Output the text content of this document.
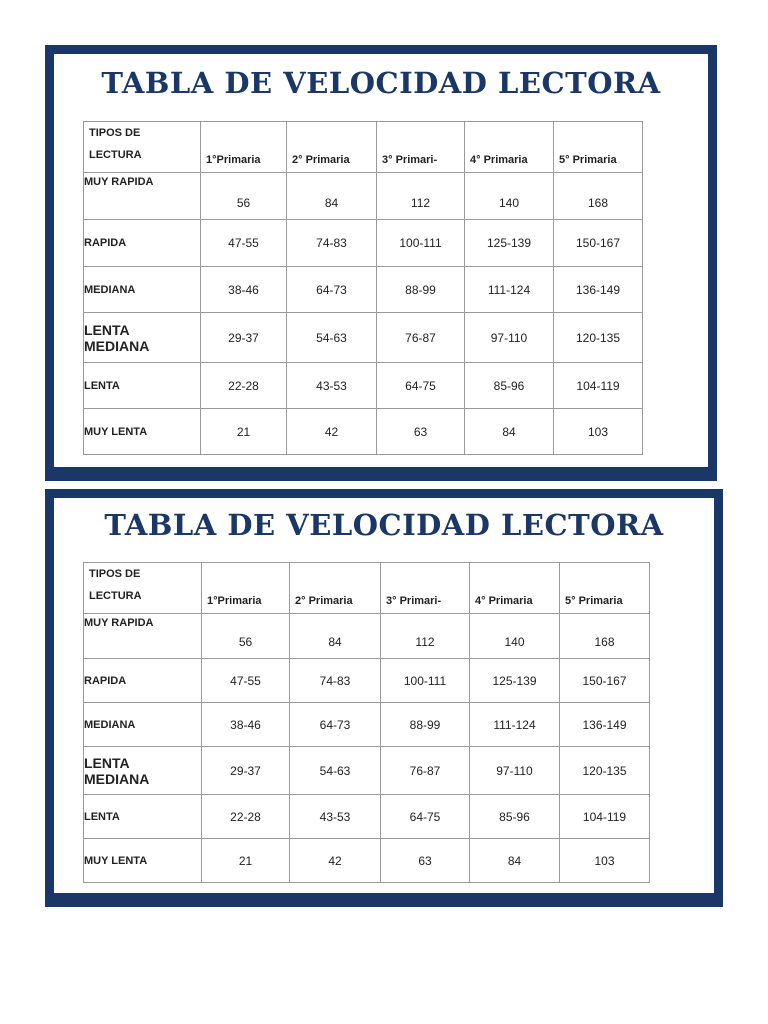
TABLA DE VELOCIDAD LECTORA
TIPOS DE
LECTURA	1°Primaria	2° Primaria	3° Primari-	4° Primaria	5° Primaria
MUY RAPIDA	56	84	112	140	168
RAPIDA	47-55	74-83	100-111	125-139	150-167
MEDIANA	38-46	64-73	88-99	111-124	136-149

LENTA
MEDIANA	29-37	54-63	76-87	97-110	120-135
LENTA	22-28	43-53	64-75	85-96	104-119
MUY LENTA	21	42	63	84	103
TABLA DE VELOCIDAD LECTORA
TIPOS DE
LECTURA	1°Primaria	2° Primaria	3° Primari-	4° Primaria	5° Primaria
MUY RAPIDA	56	84	112	140	168
RAPIDA	47-55	74-83	100-111	125-139	150-167
MEDIANA	38-46	64-73	88-99	111-124	136-149

LENTA
MEDIANA	29-37	54-63	76-87	97-110	120-135
LENTA	22-28	43-53	64-75	85-96	104-119
MUY LENTA	21	42	63	84	103
